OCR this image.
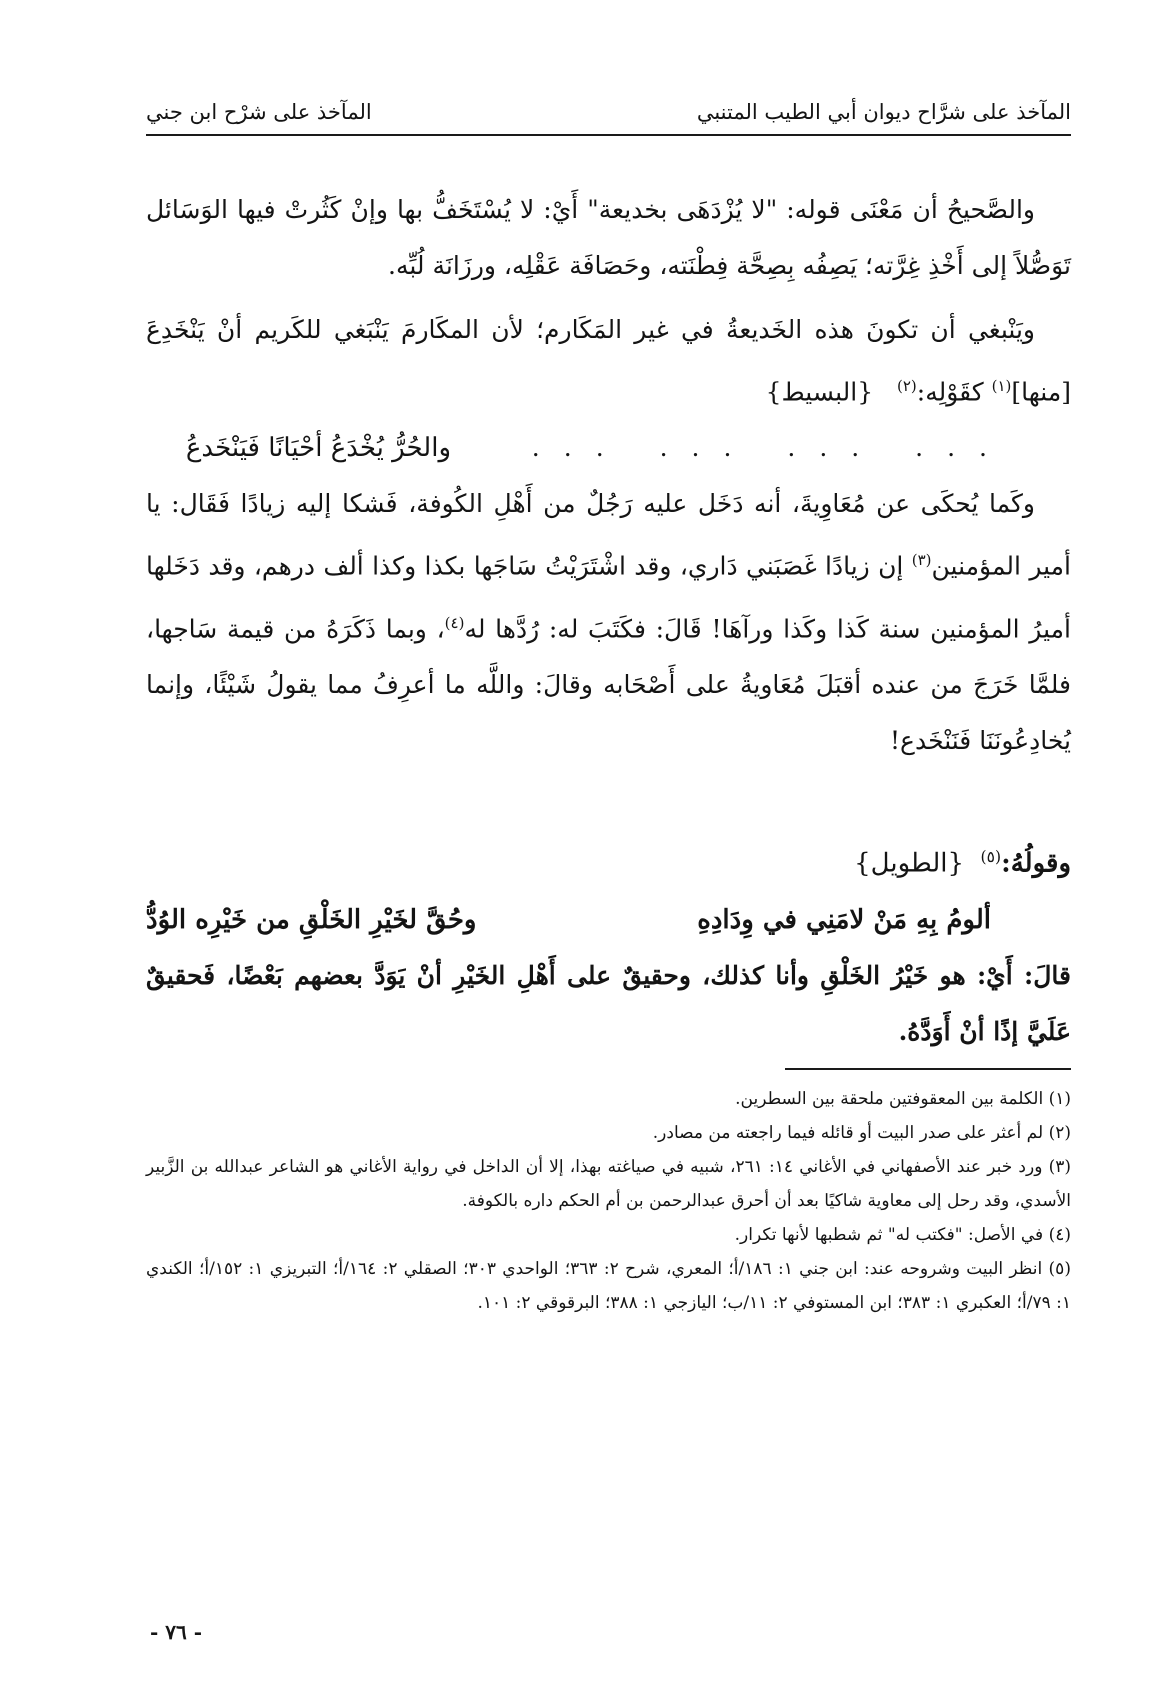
المآخذ على شرَّاح ديوان أبي الطيب المتنبي
المآخذ على شرْح ابن جني

والصَّحيحُ أن مَعْنَى قوله: "لا يُزْدَهَى بخديعة" أَيْ: لا يُسْتَخَفُّ بها وإنْ كَثُرتْ فيها الوَسَائل تَوَصُّلاً إلى أَخْذِ غِرَّته؛ يَصِفُه بِصِحَّة فِطْنَته، وحَصَافَة عَقْلِه، ورزَانَة لُبِّه.

ويَنْبغي أن تكونَ هذه الخَديعةُ في غير المَكَارم؛ لأن المكَارمَ يَنْبَغي للكَريم أنْ يَنْخَدِعَ [منها]$^{(١)}$ كقَوْلِه:$^{(٢)}$   {البسيط}

... ... ... ...
والحُرُّ يُخْدَعُ أحْيَانًا فَيَنْخَدعُ

وكَما يُحكَى عن مُعَاوِيةَ، أنه دَخَل عليه رَجُلٌ من أَهْلِ الكُوفة، فَشكا إليه زيادًا فَقَال: يا أمير المؤمنين$^{(٣)}$ إن زيادًا غَصَبَني دَاري، وقد اشْتَرَيْتُ سَاجَها بكذا وكذا ألف درهم، وقد دَخَلها أميرُ المؤمنين سنة كَذا وكَذا ورآهَا! قَالَ: فكَتَبَ له: رُدَّها له$^{(٤)}$، وبما ذَكَرَهُ من قيمة سَاجها، فلمَّا خَرَجَ من عنده أقبَلَ مُعَاويةُ على أَصْحَابه وقالَ: واللَّه ما أعرِفُ مما يقولُ شَيْئًا، وإنما يُخادِعُونَنَا فَنَنْخَدع!

وقولُهُ:$^{(٥)}$  {الطويل}

ألومُ بِهِ مَنْ لامَنِي في وِدَادِهِ
وحُقَّ لخَيْرِ الخَلْقِ من خَيْرِه الوُدُّ

قالَ: أَيْ: هو خَيْرُ الخَلْقِ وأنا كذلك، وحقيقٌ على أَهْلِ الخَيْرِ أنْ يَوَدَّ بعضهم بَعْضًا، فَحقيقٌ عَلَيَّ إذًا أنْ أَوَدَّهُ.

(١) الكلمة بين المعقوفتين ملحقة بين السطرين.

(٢) لم أعثر على صدر البيت أو قائله فيما راجعته من مصادر.

(٣) ورد خبر عند الأصفهاني في الأغاني ١٤: ٢٦١، شبيه في صياغته بهذا، إلا أن الداخل في رواية الأغاني هو الشاعر عبدالله بن الزَّبير الأسدي، وقد رحل إلى معاوية شاكيًا بعد أن أحرق عبدالرحمن بن أم الحكم داره بالكوفة.

(٤) في الأصل: "فكتب له" ثم شطبها لأنها تكرار.

(٥) انظر البيت وشروحه عند: ابن جني ١: ١٨٦/أ؛ المعري، شرح ٢: ٣٦٣؛ الواحدي ٣٠٣؛ الصقلي ٢: ١٦٤/أ؛ التبريزي ١: ١٥٢/أ؛ الكندي ١: ٧٩/أ؛ العكبري ١: ٣٨٣؛ ابن المستوفي ٢: ١١/ب؛ اليازجي ١: ٣٨٨؛ البرقوقي ٢: ١٠١.

- ٧٦ -
